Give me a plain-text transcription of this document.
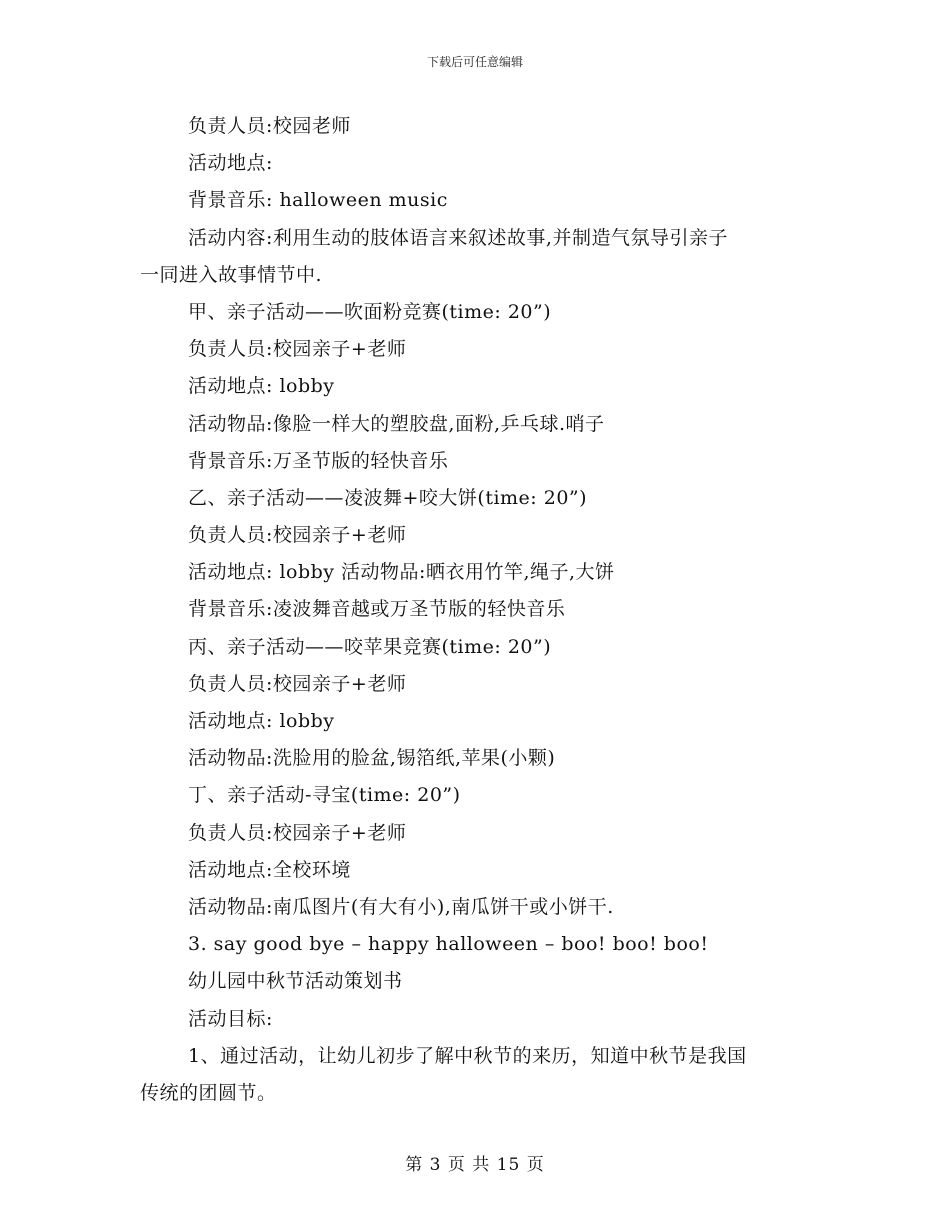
下载后可任意编辑
负责人员:校园老师
活动地点:
背景音乐: halloween music
活动内容:利用生动的肢体语言来叙述故事,并制造气氛导引亲子
一同进入故事情节中.
甲、亲子活动——吹面粉竞赛(time: 20”)
负责人员:校园亲子+老师
活动地点: lobby
活动物品:像脸一样大的塑胶盘,面粉,乒乓球.哨子
背景音乐:万圣节版的轻快音乐
乙、亲子活动——凌波舞+咬大饼(time: 20”)
负责人员:校园亲子+老师
活动地点: lobby 活动物品:晒衣用竹竿,绳子,大饼
背景音乐:凌波舞音越或万圣节版的轻快音乐
丙、亲子活动——咬苹果竞赛(time: 20”)
负责人员:校园亲子+老师
活动地点: lobby
活动物品:洗脸用的脸盆,锡箔纸,苹果(小颗)
丁、亲子活动-寻宝(time: 20”)
负责人员:校园亲子+老师
活动地点:全校环境
活动物品:南瓜图片(有大有小),南瓜饼干或小饼干.
3. say good bye – happy halloween – boo! boo! boo!
幼儿园中秋节活动策划书
活动目标:
1、通过活动，让幼儿初步了解中秋节的来历，知道中秋节是我国
传统的团圆节。
第 3 页 共 15 页
